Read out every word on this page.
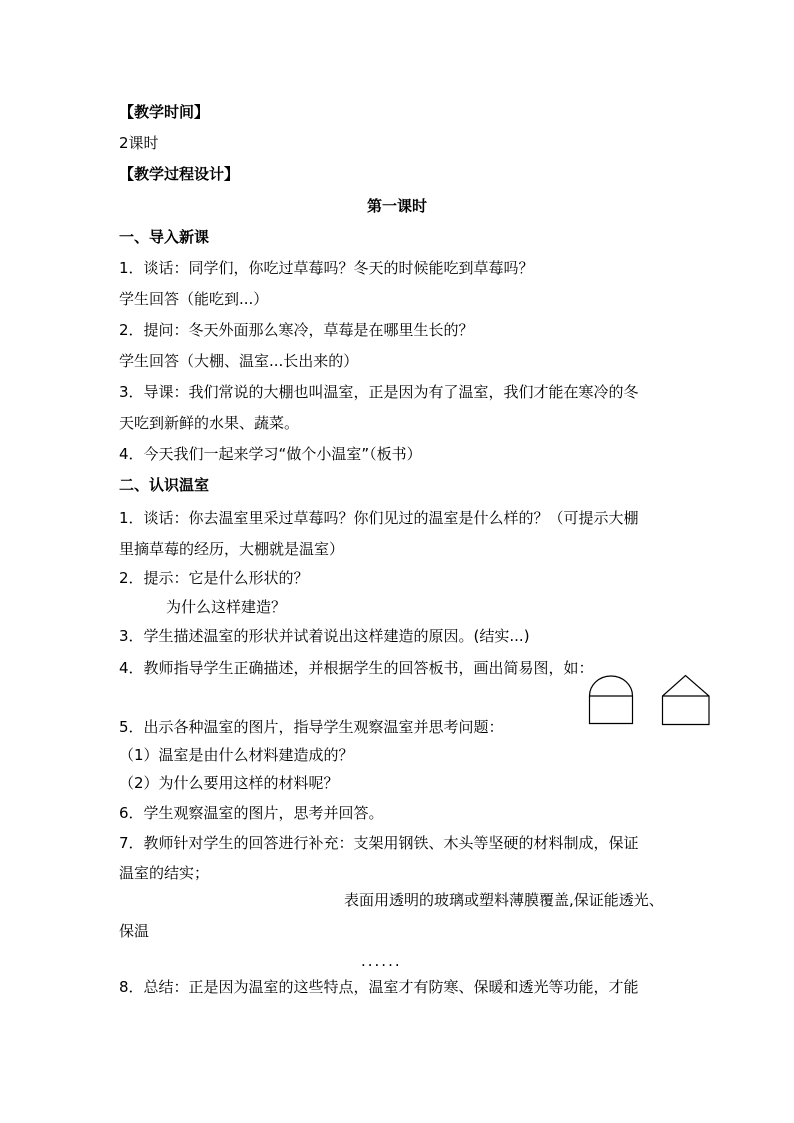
【教学时间】
2课时
【教学过程设计】
第一课时
一、导入新课
1．谈话：同学们，你吃过草莓吗？冬天的时候能吃到草莓吗？
学生回答（能吃到...）
2．提问：冬天外面那么寒冷，草莓是在哪里生长的？
学生回答（大棚、温室...长出来的）
3．导课：我们常说的大棚也叫温室，正是因为有了温室，我们才能在寒冷的冬
天吃到新鲜的水果、蔬菜。
4．今天我们一起来学习“做个小温室”（板书）
二、认识温室
1．谈话：你去温室里采过草莓吗？你们见过的温室是什么样的？（可提示大棚
里摘草莓的经历，大棚就是温室）
2．提示：它是什么形状的？
为什么这样建造？
3．学生描述温室的形状并试着说出这样建造的原因。(结实...)
4．教师指导学生正确描述，并根据学生的回答板书，画出简易图，如：
5．出示各种温室的图片，指导学生观察温室并思考问题：
（1）温室是由什么材料建造成的？
（2）为什么要用这样的材料呢？
6．学生观察温室的图片，思考并回答。
7．教师针对学生的回答进行补充：支架用钢铁、木头等坚硬的材料制成，保证
温室的结实；
表面用透明的玻璃或塑料薄膜覆盖,保证能透光、
保温
......
8．总结：正是因为温室的这些特点，温室才有防寒、保暖和透光等功能，才能
